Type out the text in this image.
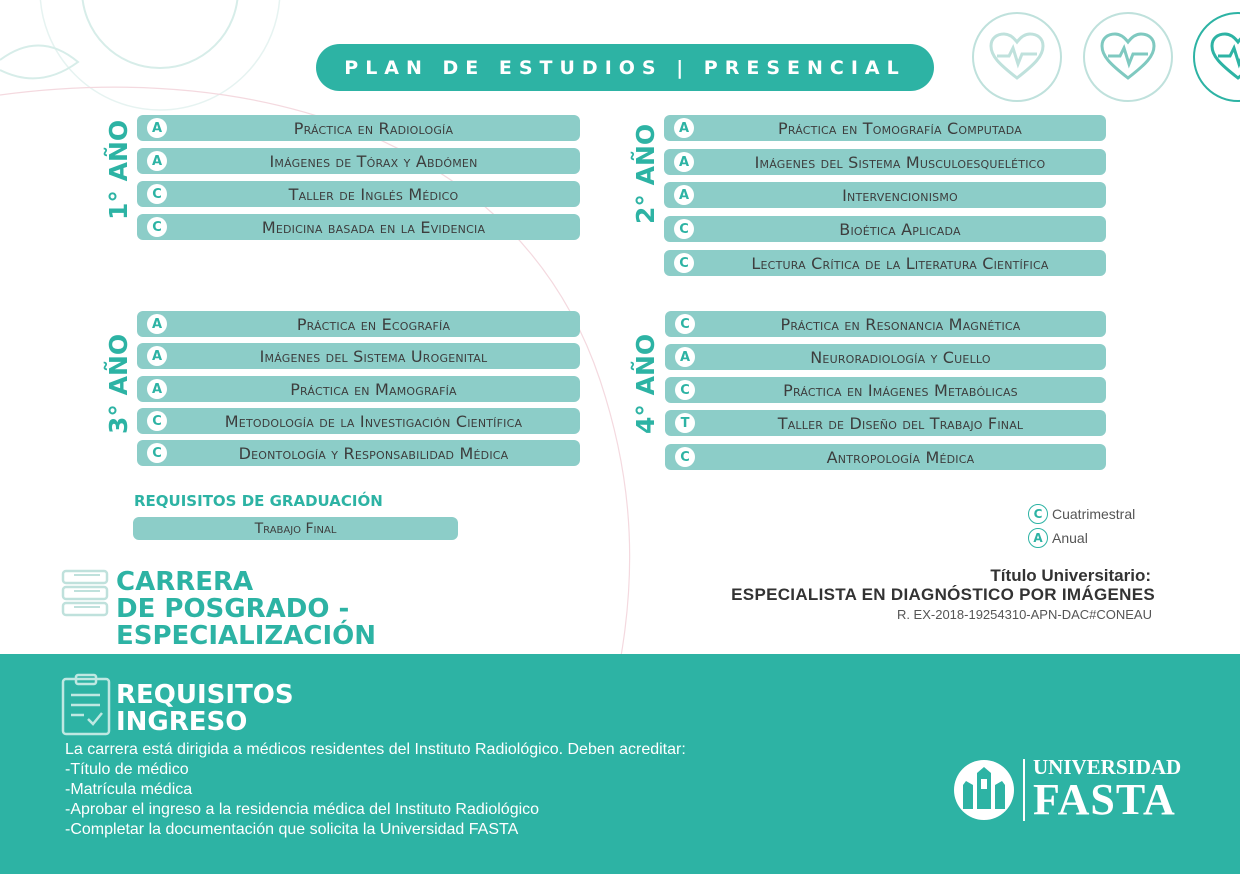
PLAN DE ESTUDIOS | PRESENCIAL
1° AÑO	2° AÑO
3° AÑO	4° AÑO
A	Práctica en Radiología
A	Imágenes de Tórax y Abdómen
C	Taller de Inglés Médico
C	Medicina basada en la Evidencia
A	Práctica en Tomografía Computada
A	Imágenes del Sistema Musculoesquelético
A	Intervencionismo
C	Bioética Aplicada
C	Lectura Crítica de la Literatura Científica
A	Práctica en Ecografía
A	Imágenes del Sistema Urogenital
A	Práctica en Mamografía
C	Metodología de la Investigación Científica
C	Deontología y Responsabilidad Médica
C	Práctica en Resonancia Magnética
A	Neuroradiología y Cuello
C	Práctica en Imágenes Metabólicas
T	Taller de Diseño del Trabajo Final
C	Antropología Médica
REQUISITOS DE GRADUACIÓN
Trabajo Final
C Cuatrimestral
A Anual
CARRERA
DE POSGRADO -
ESPECIALIZACIÓN
Título Universitario:
ESPECIALISTA EN DIAGNÓSTICO POR IMÁGENES
R. EX-2018-19254310-APN-DAC#CONEAU
REQUISITOS
INGRESO
La carrera está dirigida a médicos residentes del Instituto Radiológico. Deben acreditar:
-Título de médico
-Matrícula médica
-Aprobar el ingreso a la residencia médica del Instituto Radiológico
-Completar la documentación que solicita la Universidad FASTA
UNIVERSIDAD
FASTA
